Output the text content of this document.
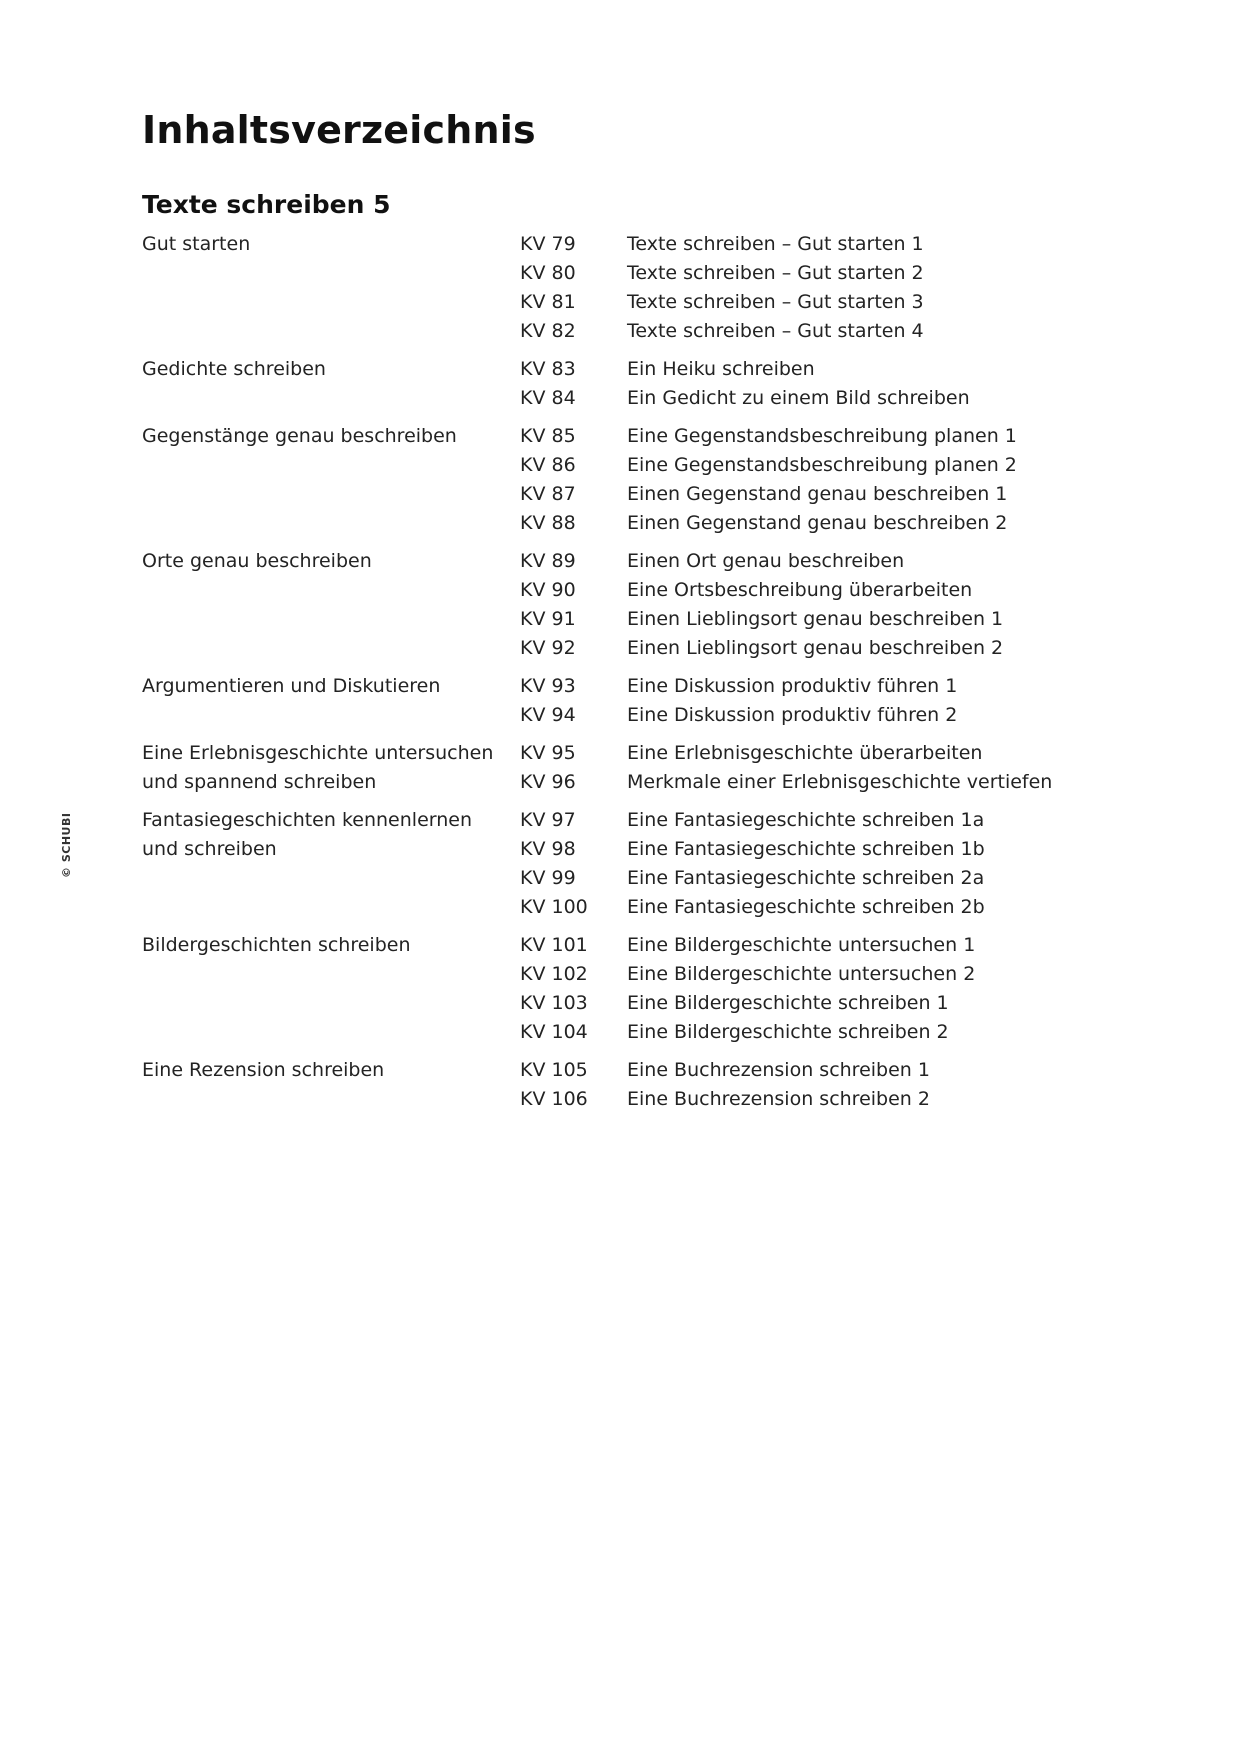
Inhaltsverzeichnis
Texte schreiben 5
Gut starten	KV 79	Texte schreiben – Gut starten 1
KV 80	Texte schreiben – Gut starten 2
KV 81	Texte schreiben – Gut starten 3
KV 82	Texte schreiben – Gut starten 4
Gedichte schreiben	KV 83	Ein Heiku schreiben
KV 84	Ein Gedicht zu einem Bild schreiben
Gegenstänge genau beschreiben	KV 85	Eine Gegenstandsbeschreibung planen 1
KV 86	Eine Gegenstandsbeschreibung planen 2
KV 87	Einen Gegenstand genau beschreiben 1
KV 88	Einen Gegenstand genau beschreiben 2
Orte genau beschreiben	KV 89	Einen Ort genau beschreiben
KV 90	Eine Ortsbeschreibung überarbeiten
KV 91	Einen Lieblingsort genau beschreiben 1
KV 92	Einen Lieblingsort genau beschreiben 2
Argumentieren und Diskutieren	KV 93	Eine Diskussion produktiv führen 1
KV 94	Eine Diskussion produktiv führen 2
Eine Erlebnisgeschichte untersuchen
und spannend schreiben
KV 95	Eine Erlebnisgeschichte überarbeiten
KV 96	Merkmale einer Erlebnisgeschichte vertiefen
Fantasiegeschichten kennenlernen
und schreiben
KV 97	Eine Fantasiegeschichte schreiben 1a
KV 98	Eine Fantasiegeschichte schreiben 1b
KV 99	Eine Fantasiegeschichte schreiben 2a
KV 100	Eine Fantasiegeschichte schreiben 2b
Bildergeschichten schreiben	KV 101	Eine Bildergeschichte untersuchen 1
KV 102	Eine Bildergeschichte untersuchen 2
KV 103	Eine Bildergeschichte schreiben 1
KV 104	Eine Bildergeschichte schreiben 2
Eine Rezension schreiben	KV 105	Eine Buchrezension schreiben 1
KV 106	Eine Buchrezension schreiben 2
© SCHUBI
